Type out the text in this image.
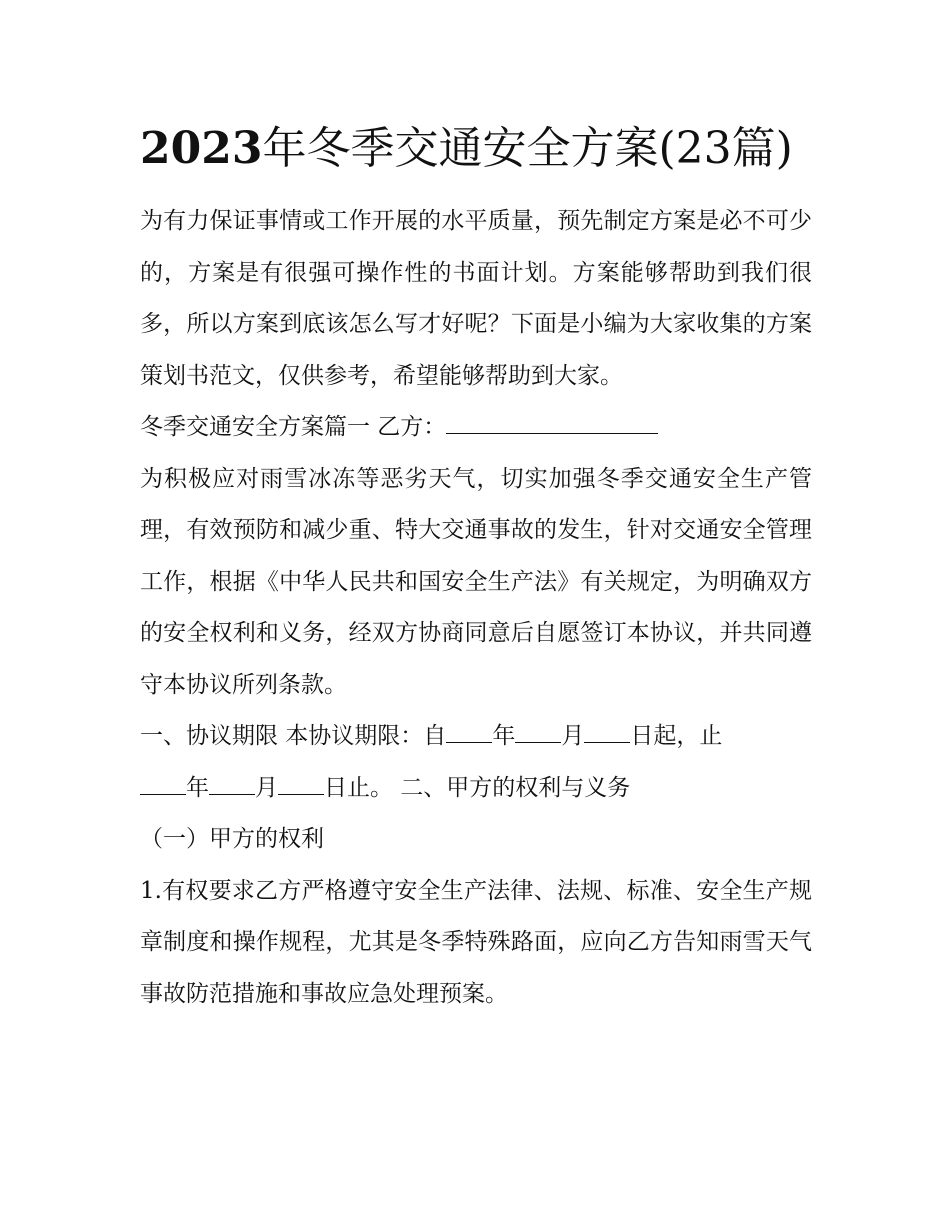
2023年冬季交通安全方案(23篇)

为有力保证事情或工作开展的水平质量，预先制定方案是必不可少的，方案是有很强可操作性的书面计划。方案能够帮助到我们很多，所以方案到底该怎么写才好呢？下面是小编为大家收集的方案策划书范文，仅供参考，希望能够帮助到大家。

冬季交通安全方案篇一 乙方：

为积极应对雨雪冰冻等恶劣天气，切实加强冬季交通安全生产管理，有效预防和减少重、特大交通事故的发生，针对交通安全管理工作，根据《中华人民共和国安全生产法》有关规定，为明确双方的安全权利和义务，经双方协商同意后自愿签订本协议，并共同遵守本协议所列条款。

一、协议期限 本协议期限：自 年 月 日起，止
年 月 日止。 二、甲方的权利与义务

（一）甲方的权利

1.有权要求乙方严格遵守安全生产法律、法规、标准、安全生产规章制度和操作规程，尤其是冬季特殊路面，应向乙方告知雨雪天气事故防范措施和事故应急处理预案。
